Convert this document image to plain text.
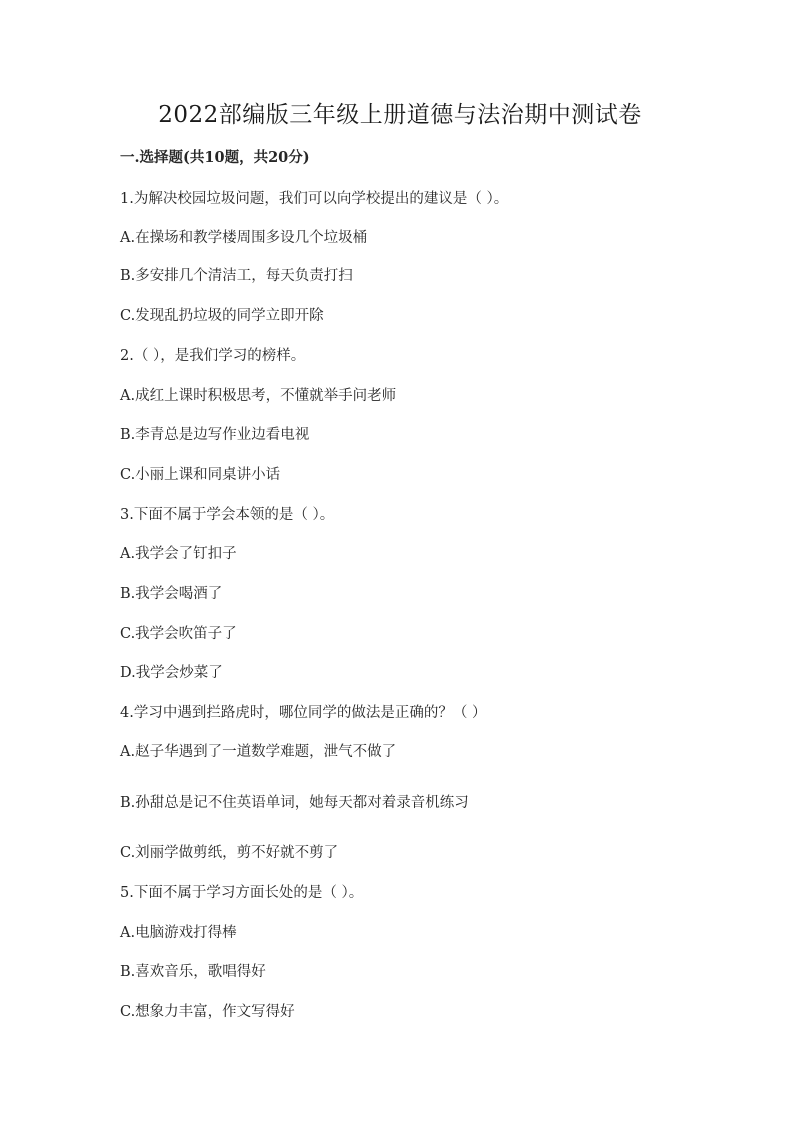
2022部编版三年级上册道德与法治期中测试卷
一.选择题(共10题，共20分)
1.为解决校园垃圾问题，我们可以向学校提出的建议是（ ）。
A.在操场和教学楼周围多设几个垃圾桶
B.多安排几个清洁工，每天负责打扫
C.发现乱扔垃圾的同学立即开除
2.（ ），是我们学习的榜样。
A.成红上课时积极思考，不懂就举手问老师
B.李青总是边写作业边看电视
C.小丽上课和同桌讲小话
3.下面不属于学会本领的是（ ）。
A.我学会了钉扣子
B.我学会喝酒了
C.我学会吹笛子了
D.我学会炒菜了
4.学习中遇到拦路虎时，哪位同学的做法是正确的？（ ）
A.赵子华遇到了一道数学难题，泄气不做了
B.孙甜总是记不住英语单词，她每天都对着录音机练习
C.刘丽学做剪纸，剪不好就不剪了
5.下面不属于学习方面长处的是（ ）。
A.电脑游戏打得棒
B.喜欢音乐，歌唱得好
C.想象力丰富，作文写得好
